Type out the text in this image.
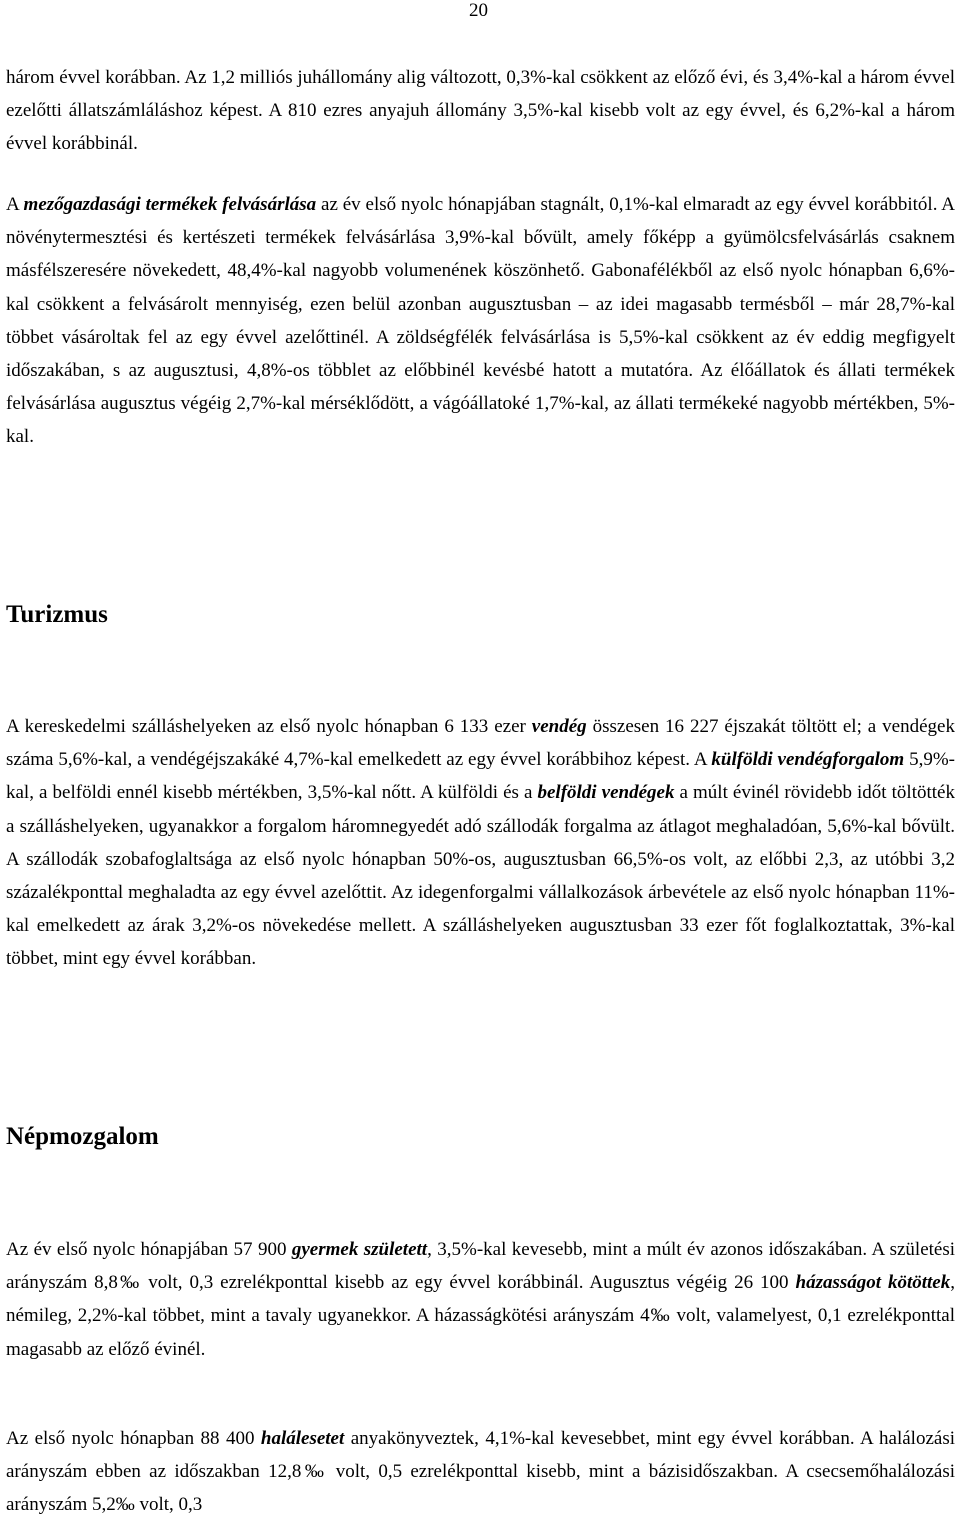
20

három évvel korábban. Az 1,2 milliós juhállomány alig változott, 0,3%-kal csökkent az előző évi, és 3,4%-kal a három évvel ezelőtti állatszámláláshoz képest. A 810 ezres anyajuh állomány 3,5%-kal kisebb volt az egy évvel, és 6,2%-kal a három évvel korábbinál.

A mezőgazdasági termékek felvásárlása az év első nyolc hónapjában stagnált, 0,1%-kal elmaradt az egy évvel korábbitól. A növénytermesztési és kertészeti termékek felvásárlása 3,9%-kal bővült, amely főképp a gyümölcsfelvásárlás csaknem másfélszeresére növekedett, 48,4%-kal nagyobb volumenének köszönhető. Gabonafélékből az első nyolc hónapban 6,6%-kal csökkent a felvásárolt mennyiség, ezen belül azonban augusztusban – az idei magasabb termésből – már 28,7%-kal többet vásároltak fel az egy évvel azelőttinél. A zöldségfélék felvásárlása is 5,5%-kal csökkent az év eddig megfigyelt időszakában, s az augusztusi, 4,8%-os többlet az előbbinél kevésbé hatott a mutatóra. Az élőállatok és állati termékek felvásárlása augusztus végéig 2,7%-kal mérséklődött, a vágóállatoké 1,7%-kal, az állati termékeké nagyobb mértékben, 5%-kal.

Turizmus

A kereskedelmi szálláshelyeken az első nyolc hónapban 6 133 ezer vendég összesen 16 227 éjszakát töltött el; a vendégek száma 5,6%-kal, a vendégéjszakáké 4,7%-kal emelkedett az egy évvel korábbihoz képest. A külföldi vendégforgalom 5,9%-kal, a belföldi ennél kisebb mértékben, 3,5%-kal nőtt. A külföldi és a belföldi vendégek a múlt évinél rövidebb időt töltötték a szálláshelyeken, ugyanakkor a forgalom háromnegyedét adó szállodák forgalma az átlagot meghaladóan, 5,6%-kal bővült. A szállodák szobafoglaltsága az első nyolc hónapban 50%-os, augusztusban 66,5%-os volt, az előbbi 2,3, az utóbbi 3,2 százalékponttal meghaladta az egy évvel azelőttit. Az idegenforgalmi vállalkozások árbevétele az első nyolc hónapban 11%-kal emelkedett az árak 3,2%-os növekedése mellett. A szálláshelyeken augusztusban 33 ezer főt foglalkoztattak, 3%-kal többet, mint egy évvel korábban.

Népmozgalom

Az év első nyolc hónapjában 57 900 gyermek született, 3,5%-kal kevesebb, mint a múlt év azonos időszakában. A születési arányszám 8,8‰ volt, 0,3 ezrelékponttal kisebb az egy évvel korábbinál. Augusztus végéig 26 100 házasságot kötöttek, némileg, 2,2%-kal többet, mint a tavaly ugyanekkor. A házasságkötési arányszám 4‰ volt, valamelyest, 0,1 ezrelékponttal magasabb az előző évinél.

Az első nyolc hónapban 88 400 halálesetet anyakönyveztek, 4,1%-kal kevesebbet, mint egy évvel korábban. A halálozási arányszám ebben az időszakban 12,8‰ volt, 0,5 ezrelékponttal kisebb, mint a bázisidőszakban. A csecsemőhalálozási arányszám 5,2‰ volt, 0,3
